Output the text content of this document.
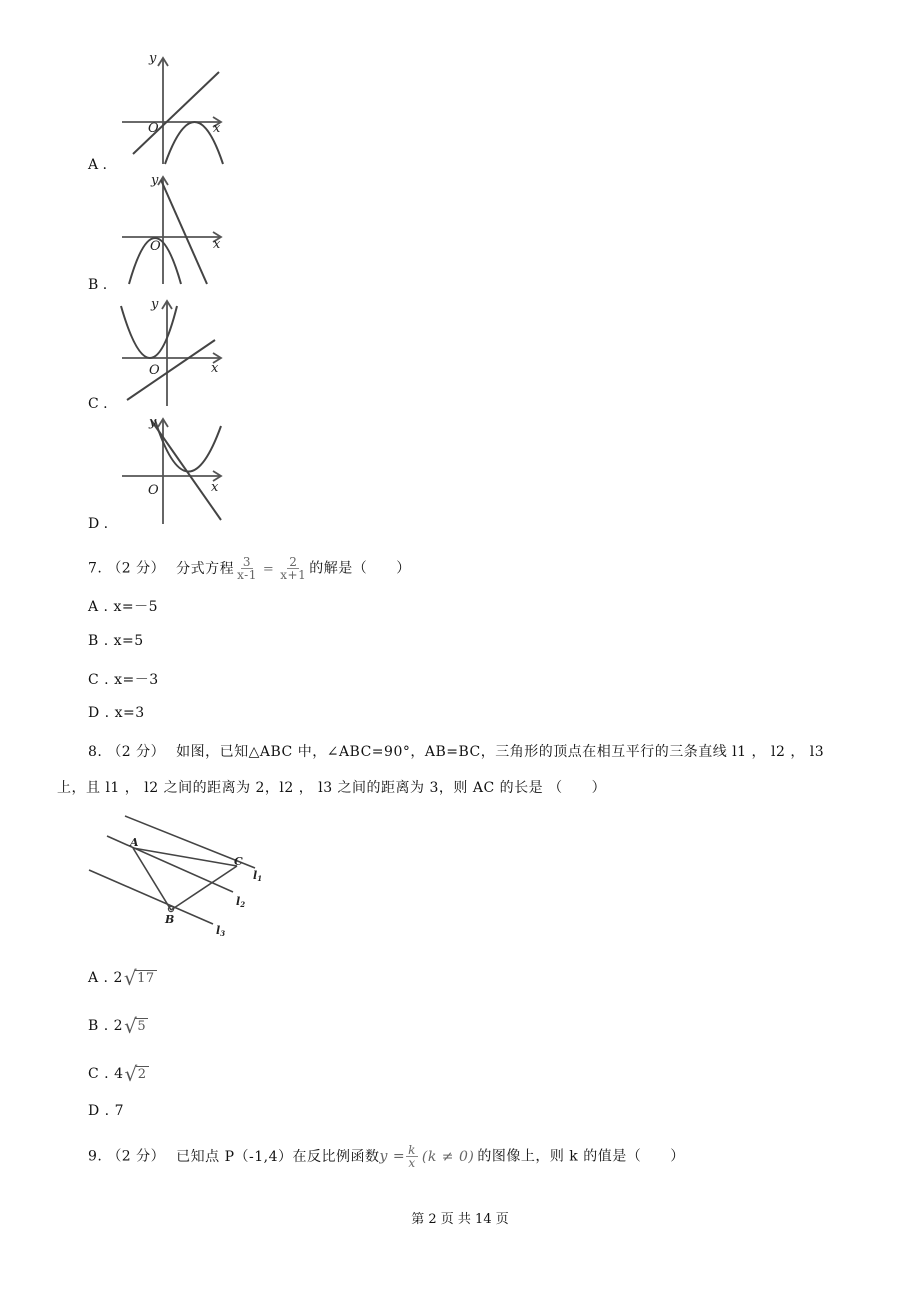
y
x
O
A .
y
x
O
B .
y
x
O
C .
y
x
O
D .
7. （2 分） 分式方程 $\frac{3}{x-1} = \frac{2}{x+1}$ 的解是（　　）
A . x=－5
B . x=5
C . x=－3
D . x=3
8. （2 分） 如图，已知△ABC 中，∠ABC=90°，AB=BC，三角形的顶点在相互平行的三条直线 l1 ， l2 ， l3
上，且 l1 ， l2 之间的距离为 2，l2 ， l3 之间的距离为 3，则 AC 的长是 （　　）
A
B
C
l1
l2
l3
A . 2√17
B . 2√5
C . 4√2
D . 7
9. （2 分） 已知点 P（-1,4）在反比例函数$y = \frac{k}{x} (k \ne 0)$ 的图像上，则 k 的值是（　　）
第 2 页 共 14 页
